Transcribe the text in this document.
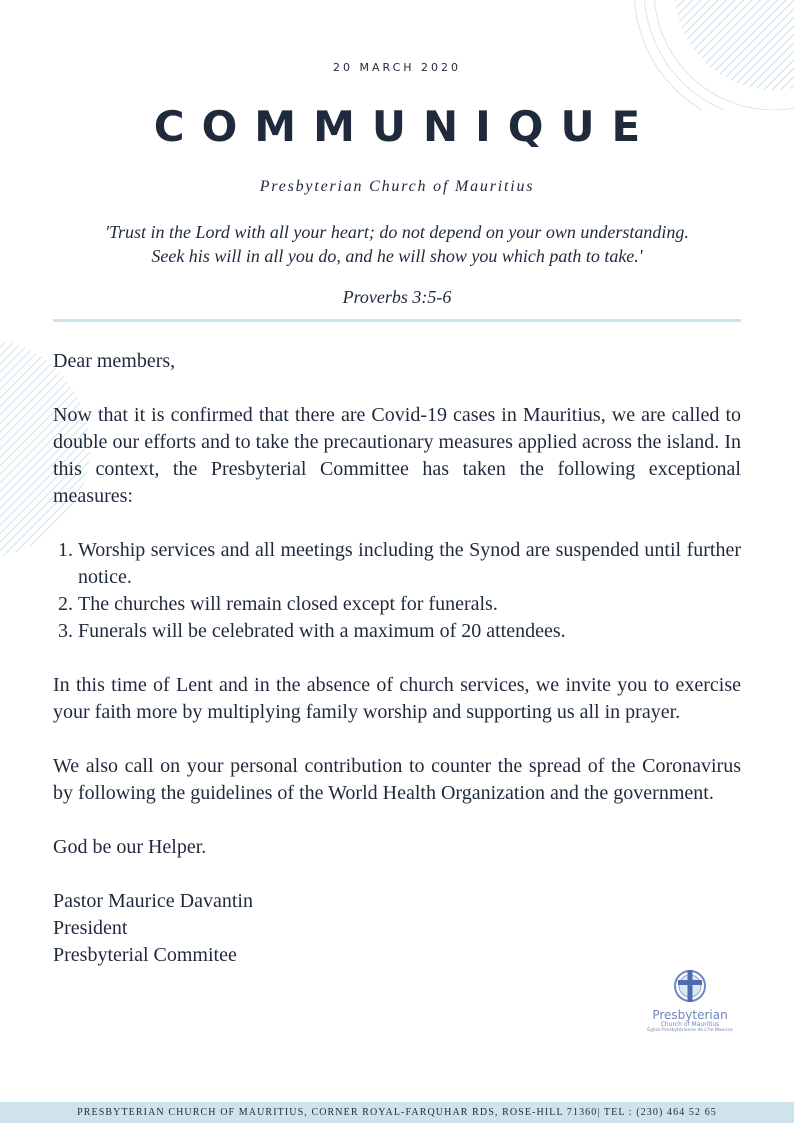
20 MARCH 2020
COMMUNIQUE
Presbyterian Church of Mauritius
'Trust in the Lord with all your heart; do not depend on your own understanding.
Seek his will in all you do, and he will show you which path to take.'
Proverbs 3:5-6

Dear members,

Now that it is confirmed that there are Covid-19 cases in Mauritius, we are called to double our efforts and to take the precautionary measures applied across the island. In this context, the Presbyterial Committee has taken the following exceptional measures:

1. Worship services and all meetings including the Synod are suspended until further notice.
2. The churches will remain closed except for funerals.
3. Funerals will be celebrated with a maximum of 20 attendees.

In this time of Lent and in the absence of church services, we invite you to exercise your faith more by multiplying family worship and supporting us all in prayer.

We also call on your personal contribution to counter the spread of the Coronavirus by following the guidelines of the World Health Organization and the government.

God be our Helper.

Pastor Maurice Davantin

President

Presbyterial Commitee

Presbyterian
Church of Mauritius
Église Presbytérienne de L'île Maurice
PRESBYTERIAN CHURCH OF MAURITIUS, CORNER ROYAL-FARQUHAR RDS, ROSE-HILL 71360| TEL : (230) 464 52 65
